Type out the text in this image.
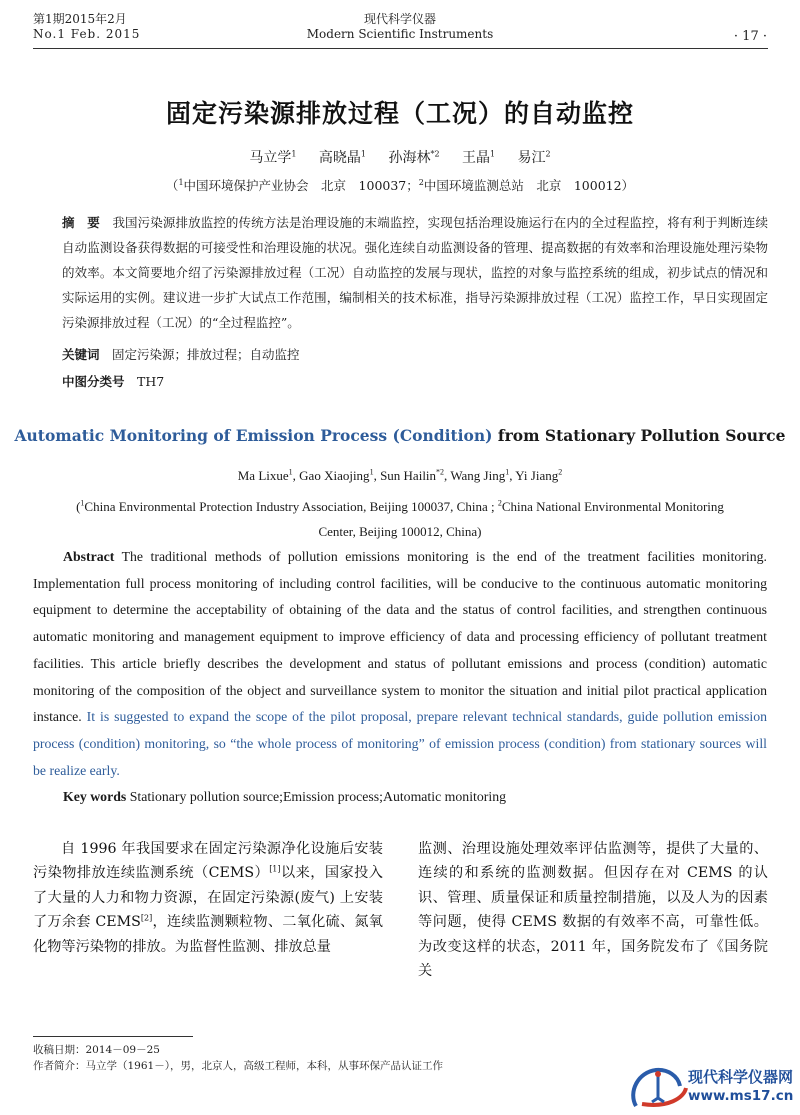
第1期2015年2月
No.1 Feb. 2015
现代科学仪器
Modern Scientific Instruments	· 17 ·
固定污染源排放过程（工况）的自动监控
马立学$^1$ 高晓晶$^1$ 孙海林$^{*2}$ 王晶$^1$ 易江$^2$
（$^1$中国环境保护产业协会　北京　100037；$^2$中国环境监测总站　北京　100012）
摘　要　 我国污染源排放监控的传统方法是治理设施的末端监控，实现包括治理设施运行在内的全过程监控，将有利于判断连续自动监测设备获得数据的可接受性和治理设施的状况。强化连续自动监测设备的管理、提高数据的有效率和治理设施处理污染物的效率。本文简要地介绍了污染源排放过程（工况）自动监控的发展与现状，监控的对象与监控系统的组成，初步试点的情况和实际运用的实例。建议进一步扩大试点工作范围，编制相关的技术标准，指导污染源排放过程（工况）监控工作，早日实现固定污染源排放过程（工况）的“全过程监控”。
关键词　 固定污染源；排放过程；自动监控
中图分类号　 TH7
Automatic Monitoring of Emission Process (Condition) from Stationary Pollution Source
Ma Lixue$^1$, Gao Xiaojing$^1$, Sun Hailin$^{*2}$, Wang Jing$^1$, Yi Jiang$^2$
($^1$China Environmental Protection Industry Association, Beijing 100037, China ; $^2$China National Environmental Monitoring Center, Beijing 100012, China)
Abstract The traditional methods of pollution emissions monitoring is the end of the treatment facilities monitoring. Implementation full process monitoring of including control facilities, will be conducive to the continuous automatic monitoring equipment to determine the acceptability of obtaining of the data and the status of control facilities, and strengthen continuous automatic monitoring and management equipment to improve efficiency of data and processing efficiency of pollutant treatment facilities. This article briefly describes the development and status of pollutant emissions and process (condition) automatic monitoring of the composition of the object and surveillance system to monitor the situation and initial pilot practical application instance. It is suggested to expand the scope of the pilot proposal, prepare relevant technical standards, guide pollution emission process (condition) monitoring, so “the whole process of monitoring” of emission process (condition) from stationary sources will be realize early.
Key words Stationary pollution source;Emission process;Automatic monitoring
自 1996 年我国要求在固定污染源净化设施后安装污染物排放连续监测系统（CEMS）[1]以来，国家投入了大量的人力和物力资源，在固定污染源(废气) 上安装了万余套 CEMS[2]，连续监测颗粒物、二氧化硫、氮氧化物等污染物的排放。为监督性监测、排放总量
监测、治理设施处理效率评估监测等，提供了大量的、连续的和系统的监测数据。但因存在对 CEMS 的认识、管理、质量保证和质量控制措施，以及人为的因素等问题，使得 CEMS 数据的有效率不高，可靠性低。为改变这样的状态，2011 年，国务院发布了《国务院关
收稿日期：2014－09－25
作者简介：马立学（1961－），男，北京人，高级工程师，本科，从事环保产品认证工作
现代科学仪器网
www.ms17.cn
